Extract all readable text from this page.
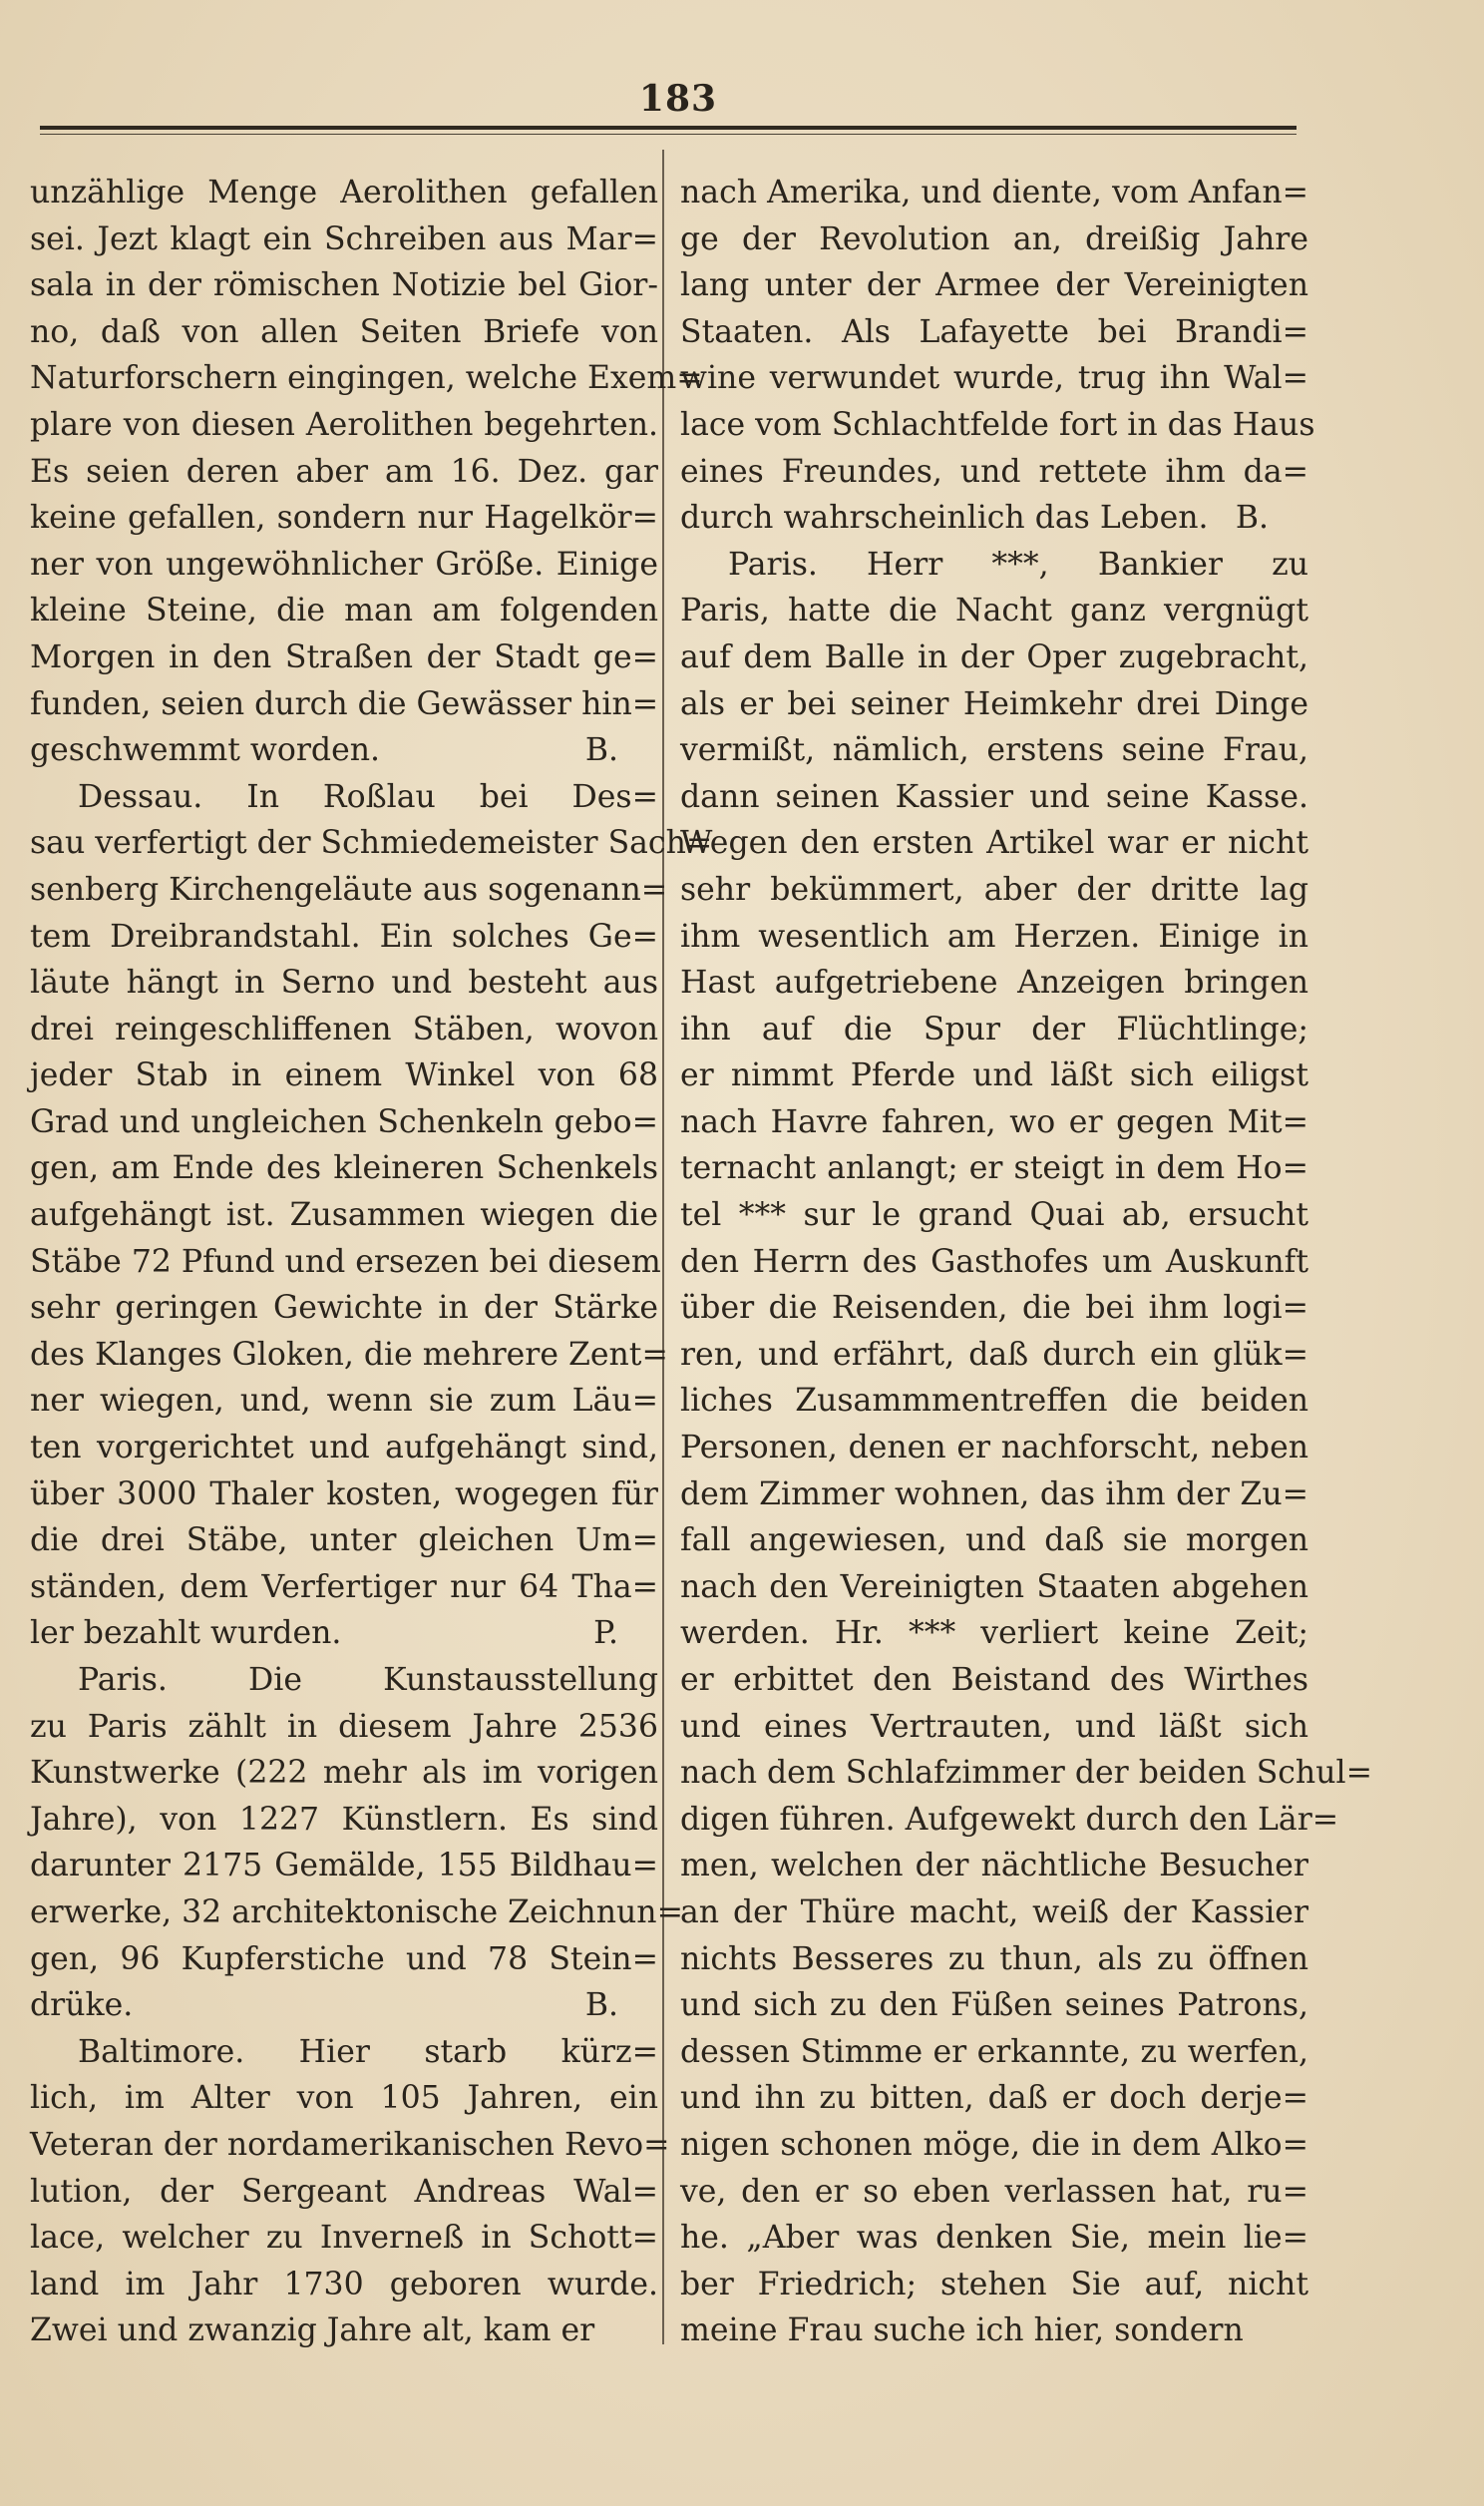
183
unzählige Menge Aerolithen gefallen
sei. Jezt klagt ein Schreiben aus Mar=
sala in der römischen Notizie bel Gior-
no, daß von allen Seiten Briefe von
Naturforschern eingingen, welche Exem=
plare von diesen Aerolithen begehrten.
Es seien deren aber am 16. Dez. gar
keine gefallen, sondern nur Hagelkör=
ner von ungewöhnlicher Größe. Einige
kleine Steine, die man am folgenden
Morgen in den Straßen der Stadt ge=
funden, seien durch die Gewässer hin=
geschwemmt worden.	B.
Dessau. In Roßlau bei Des=
sau verfertigt der Schmiedemeister Sach=
senberg Kirchengeläute aus sogenann=
tem Dreibrandstahl. Ein solches Ge=
läute hängt in Serno und besteht aus
drei reingeschliffenen Stäben, wovon
jeder Stab in einem Winkel von 68
Grad und ungleichen Schenkeln gebo=
gen, am Ende des kleineren Schenkels
aufgehängt ist. Zusammen wiegen die
Stäbe 72 Pfund und ersezen bei diesem
sehr geringen Gewichte in der Stärke
des Klanges Gloken, die mehrere Zent=
ner wiegen, und, wenn sie zum Läu=
ten vorgerichtet und aufgehängt sind,
über 3000 Thaler kosten, wogegen für
die drei Stäbe, unter gleichen Um=
ständen, dem Verfertiger nur 64 Tha=
ler bezahlt wurden.	P.
Paris. Die Kunstausstellung
zu Paris zählt in diesem Jahre 2536
Kunstwerke (222 mehr als im vorigen
Jahre), von 1227 Künstlern. Es sind
darunter 2175 Gemälde, 155 Bildhau=
erwerke, 32 architektonische Zeichnun=
gen, 96 Kupferstiche und 78 Stein=
drüke.	B.
Baltimore. Hier starb kürz=
lich, im Alter von 105 Jahren, ein
Veteran der nordamerikanischen Revo=
lution, der Sergeant Andreas Wal=
lace, welcher zu Inverneß in Schott=
land im Jahr 1730 geboren wurde.
Zwei und zwanzig Jahre alt, kam er
nach Amerika, und diente, vom Anfan=
ge der Revolution an, dreißig Jahre
lang unter der Armee der Vereinigten
Staaten. Als Lafayette bei Brandi=
wine verwundet wurde, trug ihn Wal=
lace vom Schlachtfelde fort in das Haus
eines Freundes, und rettete ihm da=
durch wahrscheinlich das Leben. B.
Paris. Herr ***, Bankier zu
Paris, hatte die Nacht ganz vergnügt
auf dem Balle in der Oper zugebracht,
als er bei seiner Heimkehr drei Dinge
vermißt, nämlich, erstens seine Frau,
dann seinen Kassier und seine Kasse.
Wegen den ersten Artikel war er nicht
sehr bekümmert, aber der dritte lag
ihm wesentlich am Herzen. Einige in
Hast aufgetriebene Anzeigen bringen
ihn auf die Spur der Flüchtlinge;
er nimmt Pferde und läßt sich eiligst
nach Havre fahren, wo er gegen Mit=
ternacht anlangt; er steigt in dem Ho=
tel *** sur le grand Quai ab, ersucht
den Herrn des Gasthofes um Auskunft
über die Reisenden, die bei ihm logi=
ren, und erfährt, daß durch ein glük=
liches Zusammmentreffen die beiden
Personen, denen er nachforscht, neben
dem Zimmer wohnen, das ihm der Zu=
fall angewiesen, und daß sie morgen
nach den Vereinigten Staaten abgehen
werden. Hr. *** verliert keine Zeit;
er erbittet den Beistand des Wirthes
und eines Vertrauten, und läßt sich
nach dem Schlafzimmer der beiden Schul=
digen führen. Aufgewekt durch den Lär=
men, welchen der nächtliche Besucher
an der Thüre macht, weiß der Kassier
nichts Besseres zu thun, als zu öffnen
und sich zu den Füßen seines Patrons,
dessen Stimme er erkannte, zu werfen,
und ihn zu bitten, daß er doch derje=
nigen schonen möge, die in dem Alko=
ve, den er so eben verlassen hat, ru=
he. „Aber was denken Sie, mein lie=
ber Friedrich; stehen Sie auf, nicht
meine Frau suche ich hier, sondern
